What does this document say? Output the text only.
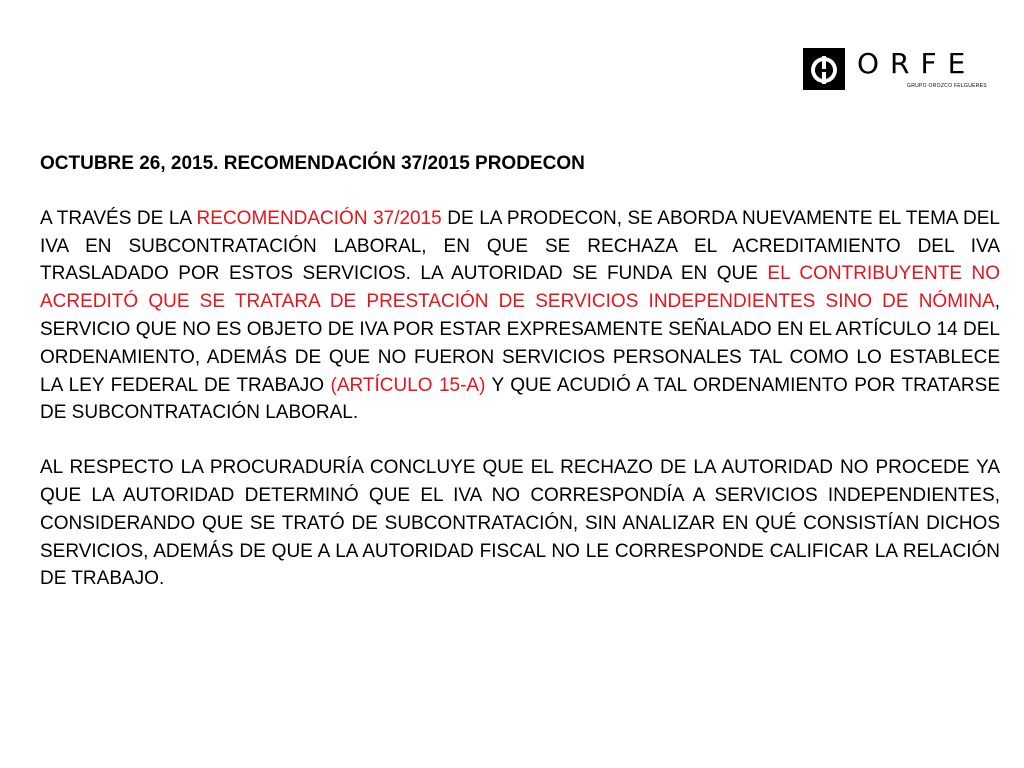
ORFE
GRUPO OROZCO FELGUERES

OCTUBRE 26, 2015. RECOMENDACIÓN 37/2015 PRODECON

A TRAVÉS DE LA RECOMENDACIÓN 37/2015 DE LA PRODECON, SE ABORDA NUEVAMENTE EL TEMA DEL IVA EN SUBCONTRATACIÓN LABORAL, EN QUE SE RECHAZA EL ACREDITAMIENTO DEL IVA TRASLADADO POR ESTOS SERVICIOS. LA AUTORIDAD SE FUNDA EN QUE EL CONTRIBUYENTE NO ACREDITÓ QUE SE TRATARA DE PRESTACIÓN DE SERVICIOS INDEPENDIENTES SINO DE NÓMINA, SERVICIO QUE NO ES OBJETO DE IVA POR ESTAR EXPRESAMENTE SEÑALADO EN EL ARTÍCULO 14 DEL ORDENAMIENTO, ADEMÁS DE QUE NO FUERON SERVICIOS PERSONALES TAL COMO LO ESTABLECE LA LEY FEDERAL DE TRABAJO (ARTÍCULO 15-A) Y QUE ACUDIÓ A TAL ORDENAMIENTO POR TRATARSE DE SUBCONTRATACIÓN LABORAL.

AL RESPECTO LA PROCURADURÍA CONCLUYE QUE EL RECHAZO DE LA AUTORIDAD NO PROCEDE YA QUE LA AUTORIDAD DETERMINÓ QUE EL IVA NO CORRESPONDÍA A SERVICIOS INDEPENDIENTES, CONSIDERANDO QUE SE TRATÓ DE SUBCONTRATACIÓN, SIN ANALIZAR EN QUÉ CONSISTÍAN DICHOS SERVICIOS, ADEMÁS DE QUE A LA AUTORIDAD FISCAL NO LE CORRESPONDE CALIFICAR LA RELACIÓN DE TRABAJO.
